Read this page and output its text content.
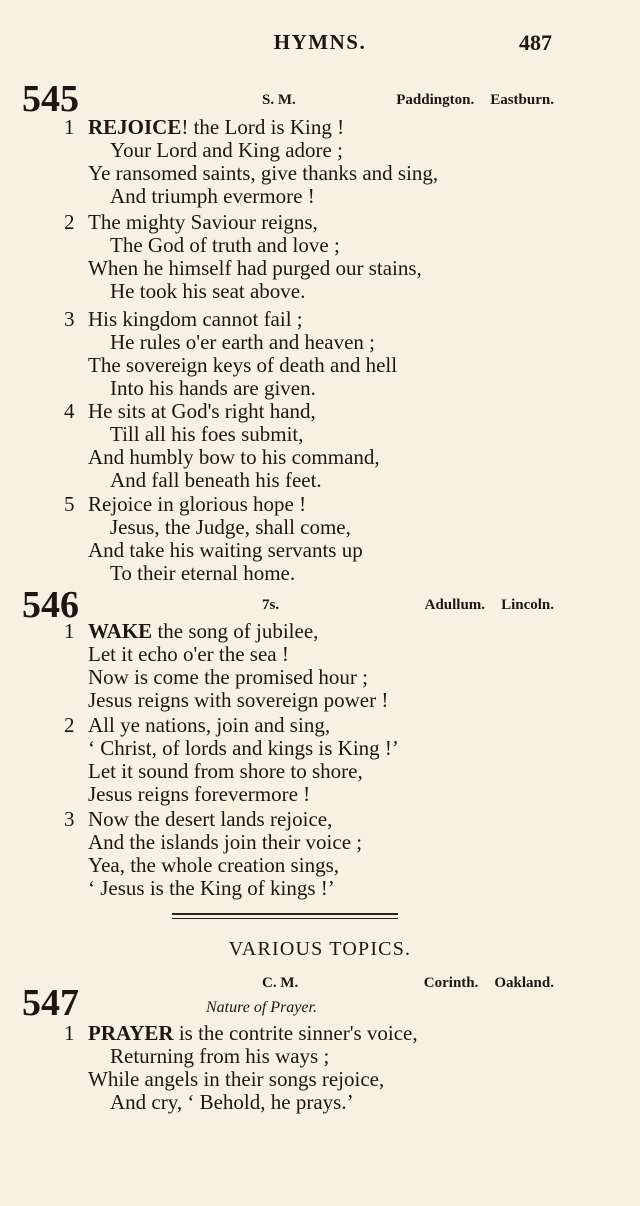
HYMNS.	487
545	S. M.	Paddington. Eastburn.
1 REJOICE! the Lord is King !
Your Lord and King adore ;
Ye ransomed saints, give thanks and sing,
And triumph evermore !
2 The mighty Saviour reigns,
The God of truth and love ;
When he himself had purged our stains,
He took his seat above.
3 His kingdom cannot fail ;
He rules o'er earth and heaven ;
The sovereign keys of death and hell
Into his hands are given.
4 He sits at God's right hand,
Till all his foes submit,
And humbly bow to his command,
And fall beneath his feet.
5 Rejoice in glorious hope !
Jesus, the Judge, shall come,
And take his waiting servants up
To their eternal home.
546	7s.	Adullum. Lincoln.
1 WAKE the song of jubilee,
Let it echo o'er the sea !
Now is come the promised hour ;
Jesus reigns with sovereign power !
2 All ye nations, join and sing,
‘ Christ, of lords and kings is King !’
Let it sound from shore to shore,
Jesus reigns forevermore !
3 Now the desert lands rejoice,
And the islands join their voice ;
Yea, the whole creation sings,
‘ Jesus is the King of kings !’
VARIOUS TOPICS.
C. M.	Corinth. Oakland.
547	Nature of Prayer.
1 PRAYER is the contrite sinner's voice,
Returning from his ways ;
While angels in their songs rejoice,
And cry, ‘ Behold, he prays.’
